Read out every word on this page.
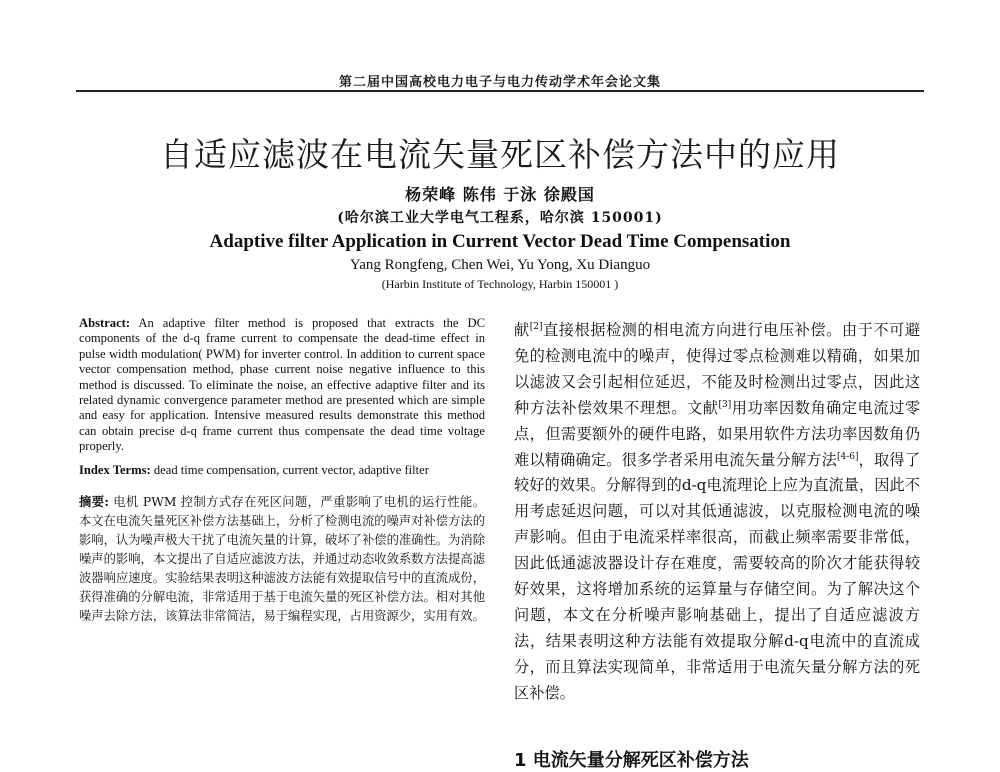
第二届中国高校电力电子与电力传动学术年会论文集
自适应滤波在电流矢量死区补偿方法中的应用
杨荣峰 陈伟 于泳 徐殿国
(哈尔滨工业大学电气工程系，哈尔滨 150001)
Adaptive filter Application in Current Vector Dead Time Compensation
Yang Rongfeng, Chen Wei, Yu Yong, Xu Dianguo
(Harbin Institute of Technology, Harbin 150001 )

Abstract: An adaptive filter method is proposed that extracts the DC components of the d-q frame current to compensate the dead-time effect in pulse width modulation( PWM) for inverter control. In addition to current space vector compensation method, phase current noise negative influence to this method is discussed. To eliminate the noise, an effective adaptive filter and its related dynamic convergence parameter method are presented which are simple and easy for application. Intensive measured results demonstrate this method can obtain precise d-q frame current thus compensate the dead time voltage properly.

Index Terms: dead time compensation, current vector, adaptive filter

摘要: 电机 PWM 控制方式存在死区问题，严重影响了电机的运行性能。本文在电流矢量死区补偿方法基础上，分析了检测电流的噪声对补偿方法的影响，认为噪声极大干扰了电流矢量的计算，破坏了补偿的准确性。为消除噪声的影响，本文提出了自适应滤波方法，并通过动态收敛系数方法提高滤波器响应速度。实验结果表明这种滤波方法能有效提取信号中的直流成份，获得准确的分解电流，非常适用于基于电流矢量的死区补偿方法。相对其他噪声去除方法，该算法非常简洁，易于编程实现，占用资源少，实用有效。

献[2]直接根据检测的相电流方向进行电压补偿。由于不可避免的检测电流中的噪声，使得过零点检测难以精确，如果加以滤波又会引起相位延迟，不能及时检测出过零点，因此这种方法补偿效果不理想。文献[3]用功率因数角确定电流过零点，但需要额外的硬件电路，如果用软件方法功率因数角仍难以精确确定。很多学者采用电流矢量分解方法[4-6]，取得了较好的效果。分解得到的d-q电流理论上应为直流量，因此不用考虑延迟问题，可以对其低通滤波，以克服检测电流的噪声影响。但由于电流采样率很高，而截止频率需要非常低，因此低通滤波器设计存在难度，需要较高的阶次才能获得较好效果，这将增加系统的运算量与存储空间。为了解决这个问题，本文在分析噪声影响基础上，提出了自适应滤波方法，结果表明这种方法能有效提取分解d-q电流中的直流成分，而且算法实现简单，非常适用于电流矢量分解方法的死区补偿。

1 电流矢量分解死区补偿方法
